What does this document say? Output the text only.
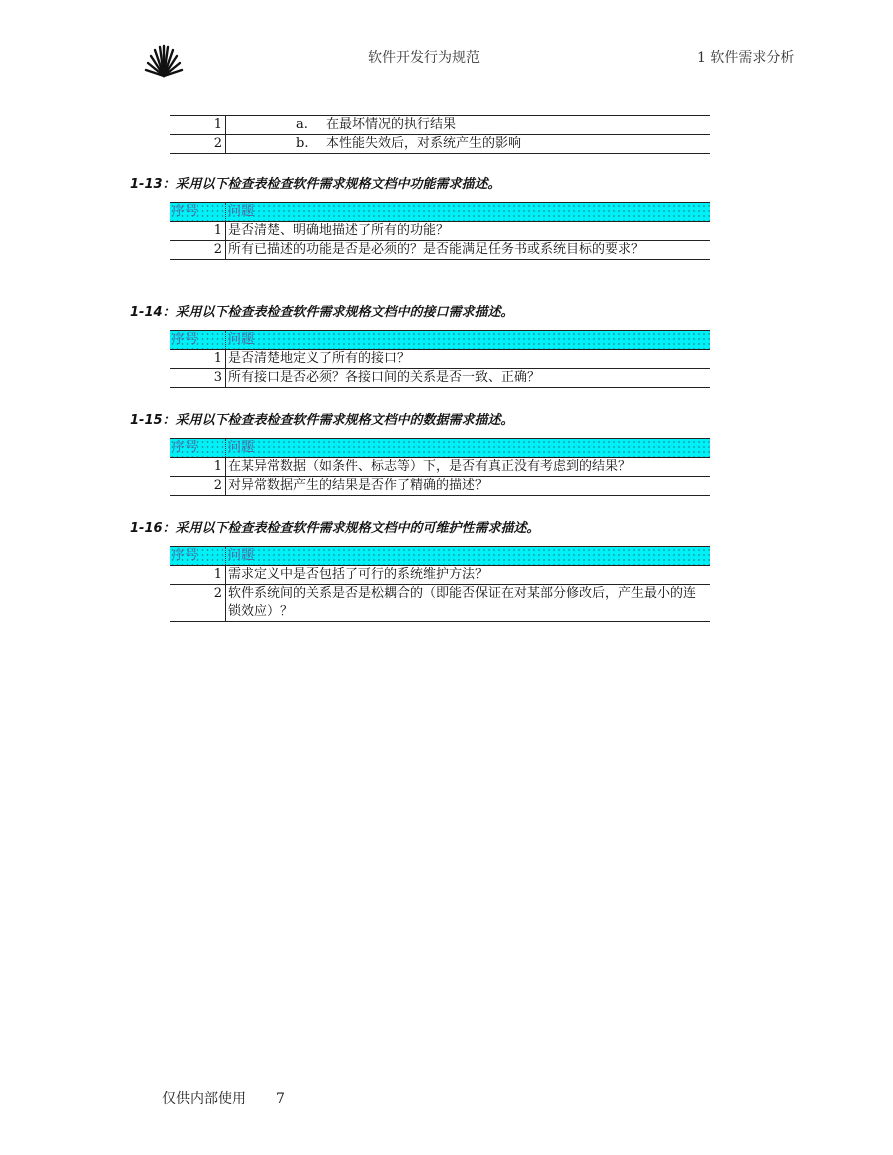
软件开发行为规范	1 软件需求分析
1	a. 在最坏情况的执行结果
2	b. 本性能失效后，对系统产生的影响
1-13：采用以下检查表检查软件需求规格文档中功能需求描述。
序号	问题
1	是否清楚、明确地描述了所有的功能？
2	所有已描述的功能是否是必须的？是否能满足任务书或系统目标的要求？
1-14：采用以下检查表检查软件需求规格文档中的接口需求描述。
序号	问题
1	是否清楚地定义了所有的接口？
3	所有接口是否必须？各接口间的关系是否一致、正确？
1-15：采用以下检查表检查软件需求规格文档中的数据需求描述。
序号	问题
1	在某异常数据（如条件、标志等）下，是否有真正没有考虑到的结果？
2	对异常数据产生的结果是否作了精确的描述？
1-16：采用以下检查表检查软件需求规格文档中的可维护性需求描述。
序号	问题
1	需求定义中是否包括了可行的系统维护方法？
2	软件系统间的关系是否是松耦合的（即能否保证在对某部分修改后，产生最小的连锁效应）？
仅供内部使用 7
